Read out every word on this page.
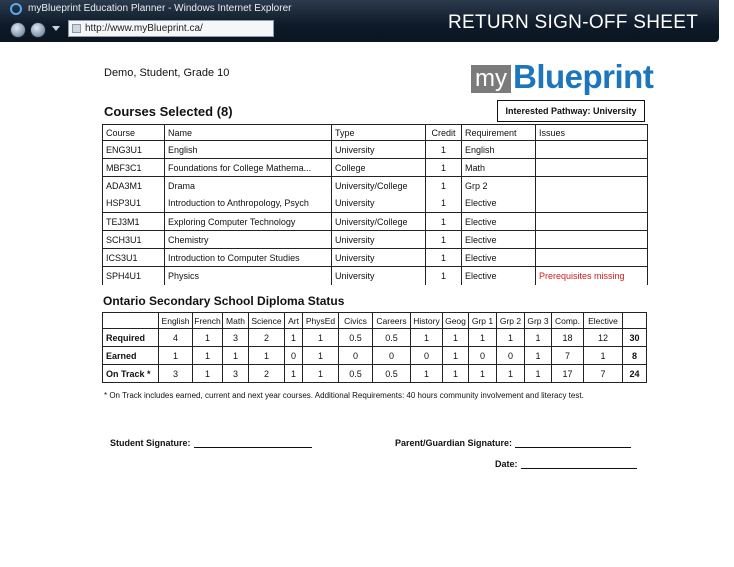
myBlueprint Education Planner - Windows Internet Explorer
http://www.myBlueprint.ca/	RETURN SIGN-OFF SHEET
Demo, Student, Grade 10	my Blueprint
Courses Selected (8)	Interested Pathway: University
Course	Name	Type	Credit	Requirement	Issues
ENG3U1	English	University	1	English	
MBF3C1	Foundations for College Mathema...	College	1	Math	
ADA3M1	Drama	University/College	1	Grp 2	
HSP3U1	Introduction to Anthropology, Psych	University	1	Elective	
TEJ3M1	Exploring Computer Technology	University/College	1	Elective	
SCH3U1	Chemistry	University	1	Elective	
ICS3U1	Introduction to Computer Studies	University	1	Elective	
SPH4U1	Physics	University	1	Elective	Prerequisites missing
Ontario Secondary School Diploma Status
	English	French	Math	Science	Art	PhysEd	Civics	Careers	History	Geog	Grp 1	Grp 2	Grp 3	Comp.	Elective	
Required	4	1	3	2	1	1	0.5	0.5	1	1	1	1	1	18	12	30
Earned	1	1	1	1	0	1	0	0	0	1	0	0	1	7	1	8
On Track *	3	1	3	2	1	1	0.5	0.5	1	1	1	1	1	17	7	24
* On Track includes earned, current and next year courses. Additional Requirements: 40 hours community involvement and literacy test.
Student Signature:	Parent/Guardian Signature:
Date:
